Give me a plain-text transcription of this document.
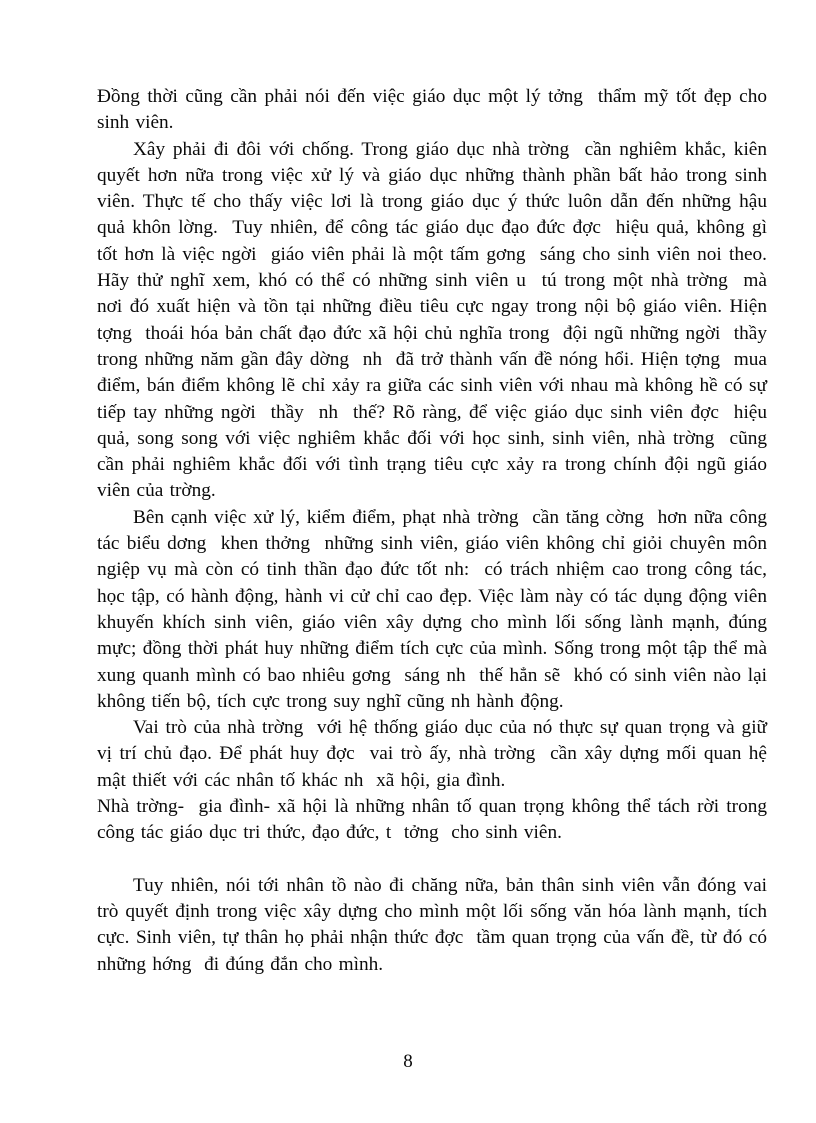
Đồng thời cũng cần phải nói đến việc giáo dục một lý tởng  thẩm mỹ tốt đẹp cho sinh viên.

Xây phải đi đôi với chống. Trong giáo dục nhà trờng  cần nghiêm khắc, kiên quyết hơn nữa trong việc xử lý và giáo dục những thành phần bất hảo trong sinh viên. Thực tế cho thấy việc lơi là trong giáo dục ý thức luôn dẫn đến những hậu quả khôn lờng.  Tuy nhiên, để công tác giáo dục đạo đức đợc  hiệu quả, không gì tốt hơn là việc ngời  giáo viên phải là một tấm gơng  sáng cho sinh viên noi theo. Hãy thử nghĩ xem, khó có thể có những sinh viên u  tú trong một nhà trờng  mà nơi đó xuất hiện và tồn tại những điều tiêu cực ngay trong nội bộ giáo viên. Hiện tợng  thoái hóa bản chất đạo đức xã hội chủ nghĩa trong  đội ngũ những ngời  thầy trong những năm gần đây dờng  nh  đã trở thành vấn đề nóng hổi. Hiện tợng  mua điểm, bán điểm không lẽ chỉ xảy ra giữa các sinh viên với nhau mà không hề có sự tiếp tay những ngời  thầy  nh  thế? Rõ ràng, để việc giáo dục sinh viên đợc  hiệu quả, song song với việc nghiêm khắc đối với học sinh, sinh viên, nhà trờng  cũng cần phải nghiêm khắc đối với tình trạng tiêu cực xảy ra trong chính đội ngũ giáo viên của trờng.

Bên cạnh việc xử lý, kiểm điểm, phạt nhà trờng  cần tăng cờng  hơn nữa công tác biểu dơng  khen thởng  những sinh viên, giáo viên không chỉ giỏi chuyên môn ngiệp vụ mà còn có tinh thần đạo đức tốt nh:  có trách nhiệm cao trong công tác, học tập, có hành động, hành vi cử chỉ cao đẹp. Việc làm này có tác dụng động viên khuyến khích sinh viên, giáo viên xây dựng cho mình lối sống lành mạnh, đúng mực; đồng thời phát huy những điểm tích cực của mình. Sống trong một tập thể mà xung quanh mình có bao nhiêu gơng  sáng nh  thế hẳn sẽ  khó có sinh viên nào lại không tiến bộ, tích cực trong suy nghĩ cũng nh hành động.

Vai trò của nhà trờng  với hệ thống giáo dục của nó thực sự quan trọng và giữ vị trí chủ đạo. Để phát huy đợc  vai trò ấy, nhà trờng  cần xây dựng mối quan hệ mật thiết với các nhân tố khác nh  xã hội, gia đình.

Nhà trờng-  gia đình- xã hội là những nhân tố quan trọng không thể tách rời trong công tác giáo dục tri thức, đạo đức, t  tởng  cho sinh viên.

Tuy nhiên, nói tới nhân tồ nào đi chăng nữa, bản thân sinh viên vẫn đóng vai trò quyết định trong việc xây dựng cho mình một lối sống văn hóa lành mạnh, tích cực. Sinh viên, tự thân họ phải nhận thức đợc  tầm quan trọng của vấn đề, từ đó có những hớng  đi đúng đắn cho mình.

8
